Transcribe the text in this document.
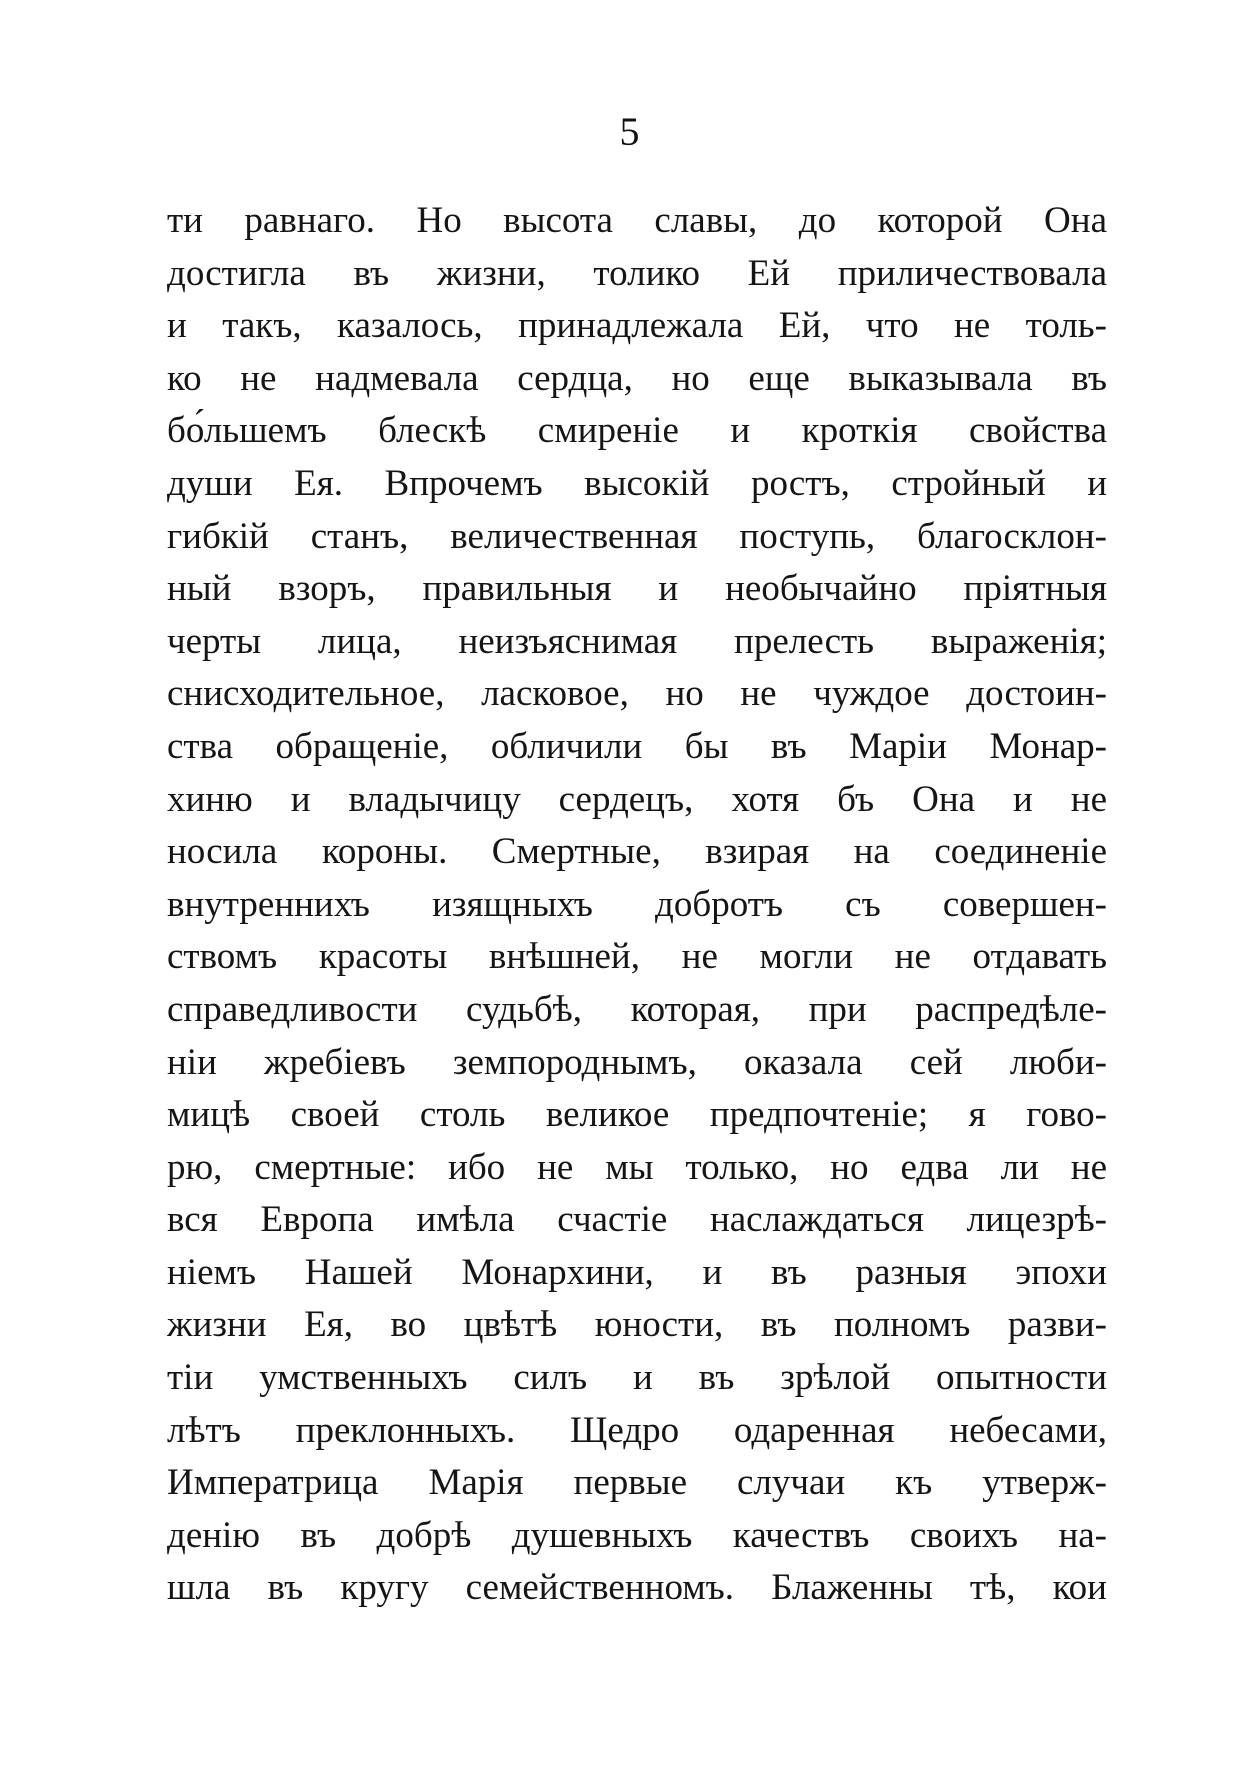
5
ти равнаго. Но высота славы, до которой Она
достигла въ жизни, толико Ей приличествовала
и такъ, казалось, принадлежала Ей, что не толь-
ко не надмевала сердца, но еще выказывала въ
бо́льшемъ блескѣ смиреніе и кроткія свойства
души Ея. Впрочемъ высокій ростъ, стройный и
гибкій станъ, величественная поступь, благосклон-
ный взоръ, правильныя и необычайно пріятныя
черты лица, неизъяснимая прелесть выраженія;
снисходительное, ласковое, но не чуждое достоин-
ства обращеніе, обличили бы въ Маріи Монар-
хиню и владычицу сердецъ, хотя бъ Она и не
носила короны. Смертные, взирая на соединеніе
внутреннихъ изящныхъ добротъ съ совершен-
ствомъ красоты внѣшней, не могли не отдавать
справедливости судьбѣ, которая, при распредѣле-
ніи жребіевъ земпороднымъ, оказала сей люби-
мицѣ своей столь великое предпочтеніе; я гово-
рю, смертные: ибо не мы только, но едва ли не
вся Европа имѣла счастіе наслаждаться лицезрѣ-
ніемъ Нашей Монархини, и въ разныя эпохи
жизни Ея, во цвѣтѣ юности, въ полномъ разви-
тіи умственныхъ силъ и въ зрѣлой опытности
лѣтъ преклонныхъ. Щедро одаренная небесами,
Императрица Марія первые случаи къ утверж-
денію въ добрѣ душевныхъ качествъ своихъ на-
шла въ кругу семейственномъ. Блаженны тѣ, кои
